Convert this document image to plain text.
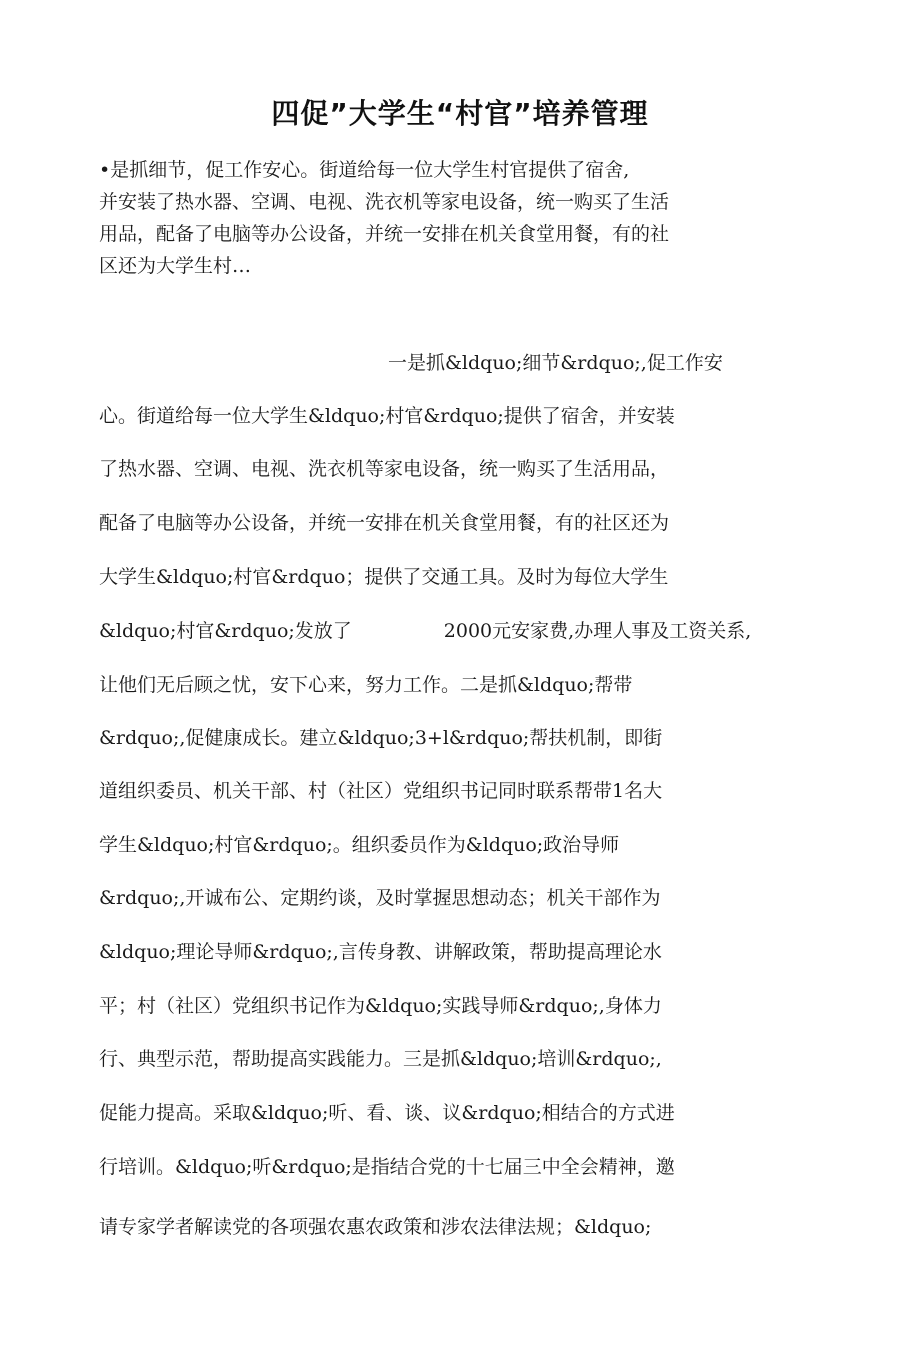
四促”大学生“村官”培养管理
•是抓细节，促工作安心。街道给每一位大学生村官提供了宿舍,
并安装了热水器、空调、电视、洗衣机等家电设备，统一购买了生活
用品，配备了电脑等办公设备，并统一安排在机关食堂用餐，有的社
区还为大学生村…
一是抓&ldquo;细节&rdquo;,促工作安
心。街道给每一位大学生&ldquo;村官&rdquo;提供了宿舍，并安装
了热水器、空调、电视、洗衣机等家电设备，统一购买了生活用品，
配备了电脑等办公设备，并统一安排在机关食堂用餐，有的社区还为
大学生&ldquo;村官&rdquo；提供了交通工具。及时为每位大学生
&ldquo;村官&rdquo;发放了	2000元安家费,办理人事及工资关系,
让他们无后顾之忧，安下心来，努力工作。二是抓&ldquo;帮带
&rdquo;,促健康成长。建立&ldquo;3+l&rdquo;帮扶机制，即街
道组织委员、机关干部、村（社区）党组织书记同时联系帮带1名大
学生&ldquo;村官&rdquo;。组织委员作为&ldquo;政治导师
&rdquo;,开诚布公、定期约谈，及时掌握思想动态；机关干部作为
&ldquo;理论导师&rdquo;,言传身教、讲解政策，帮助提高理论水
平；村（社区）党组织书记作为&ldquo;实践导师&rdquo;,身体力
行、典型示范，帮助提高实践能力。三是抓&ldquo;培训&rdquo;,
促能力提高。采取&ldquo;听、看、谈、议&rdquo;相结合的方式进
行培训。&ldquo;听&rdquo;是指结合党的十七届三中全会精神，邀
请专家学者解读党的各项强农惠农政策和涉农法律法规；&ldquo;
